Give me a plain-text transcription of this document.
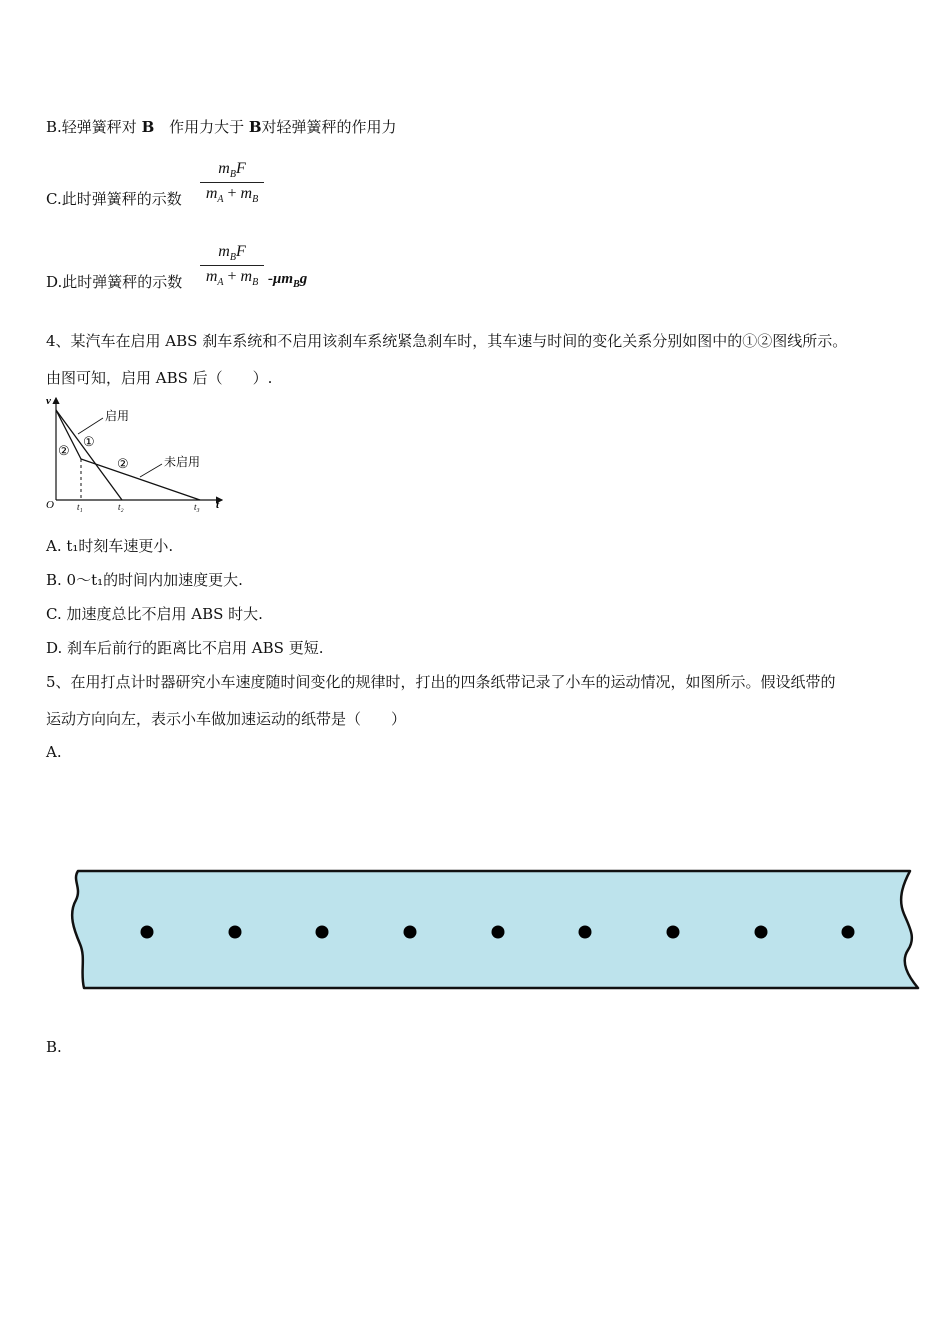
B.轻弹簧秤对 B 作用力大于 B对轻弹簧秤的作用力
C.此时弹簧秤的示数
$m_BF$
$m_A + m_B$
D.此时弹簧秤的示数
$m_BF$
$m_A + m_B$ $-\mu m_Bg$
4、某汽车在启用 ABS 刹车系统和不启用该刹车系统紧急刹车时，其车速与时间的变化关系分别如图中的①②图线所示。
由图可知，启用 ABS 后（　　）.
v
O	t
t₁	t₂	t₃
启用
未启用
①
②
②
A. t₁时刻车速更小.
B. 0～t₁的时间内加速度更大.
C. 加速度总比不启用 ABS 时大.
D. 刹车后前行的距离比不启用 ABS 更短.
5、在用打点计时器研究小车速度随时间变化的规律时，打出的四条纸带记录了小车的运动情况，如图所示。假设纸带的
运动方向向左，表示小车做加速运动的纸带是（　　）
A.
B.
